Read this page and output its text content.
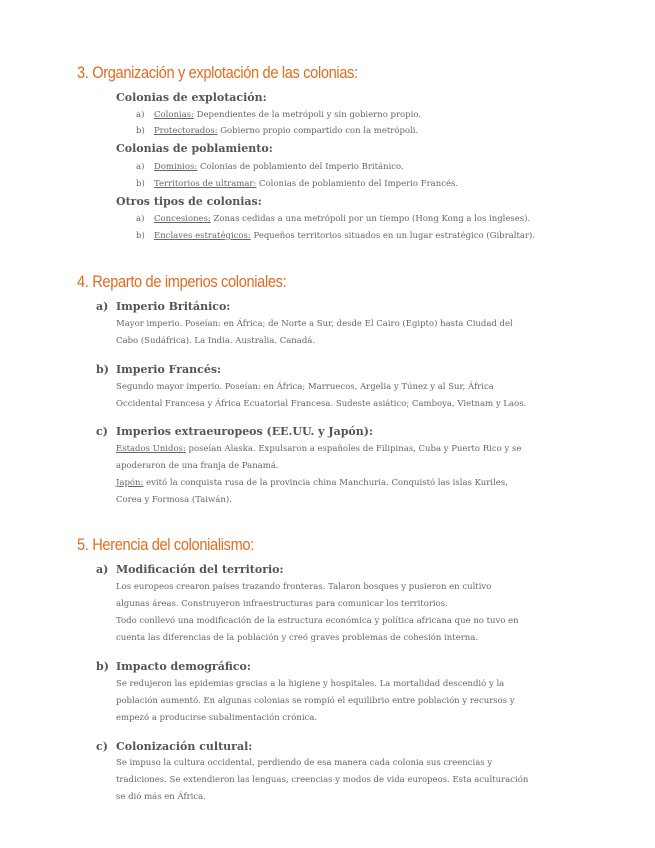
3. Organización y explotación de las colonias:
Colonias de explotación:
a) Colonias: Dependientes de la metrópoli y sin gobierno propio.
b) Protectorados: Gobierno propio compartido con la metrópoli.
Colonias de poblamiento:
a) Dominios: Colonias de poblamiento del Imperio Británico.
b) Territorios de ultramar: Colonias de poblamiento del Imperio Francés.
Otros tipos de colonias:
a) Concesiones: Zonas cedidas a una metrópoli por un tiempo (Hong Kong a los ingleses).
b) Enclaves estratégicos: Pequeños territorios situados en un lugar estratégico (Gibraltar).
4. Reparto de imperios coloniales:
a) Imperio Británico:
Mayor imperio. Poseían: en África; de Norte a Sur, desde El Cairo (Egipto) hasta Ciudad del
Cabo (Sudáfrica). La India. Australia. Canadá.
b) Imperio Francés:
Segundo mayor imperio. Poseían: en África; Marruecos, Argelia y Túnez y al Sur, África
Occidental Francesa y África Ecuatorial Francesa. Sudeste asiático; Camboya, Vietnam y Laos.
c) Imperios extraeuropeos (EE.UU. y Japón):
Estados Unidos: poseían Alaska. Expulsaron a españoles de Filipinas, Cuba y Puerto Rico y se
apoderaron de una franja de Panamá.
Japón: evitó la conquista rusa de la provincia china Manchuria. Conquistó las islas Kuriles,
Corea y Formosa (Taiwán).
5. Herencia del colonialismo:
a) Modificación del territorio:
Los europeos crearon países trazando fronteras. Talaron bosques y pusieron en cultivo
algunas áreas. Construyeron infraestructuras para comunicar los territorios.
Todo conllevó una modificación de la estructura económica y política africana que no tuvo en
cuenta las diferencias de la población y creó graves problemas de cohesión interna.
b) Impacto demográfico:
Se redujeron las epidemias gracias a la higiene y hospitales. La mortalidad descendió y la
población aumentó. En algunas colonias se rompió el equilibrio entre población y recursos y
empezó a producirse subalimentación crónica.
c) Colonización cultural:
Se impuso la cultura occidental, perdiendo de esa manera cada colonia sus creencias y
tradiciones. Se extendieron las lenguas, creencias y modos de vida europeos. Esta aculturación
se dió más en África.
